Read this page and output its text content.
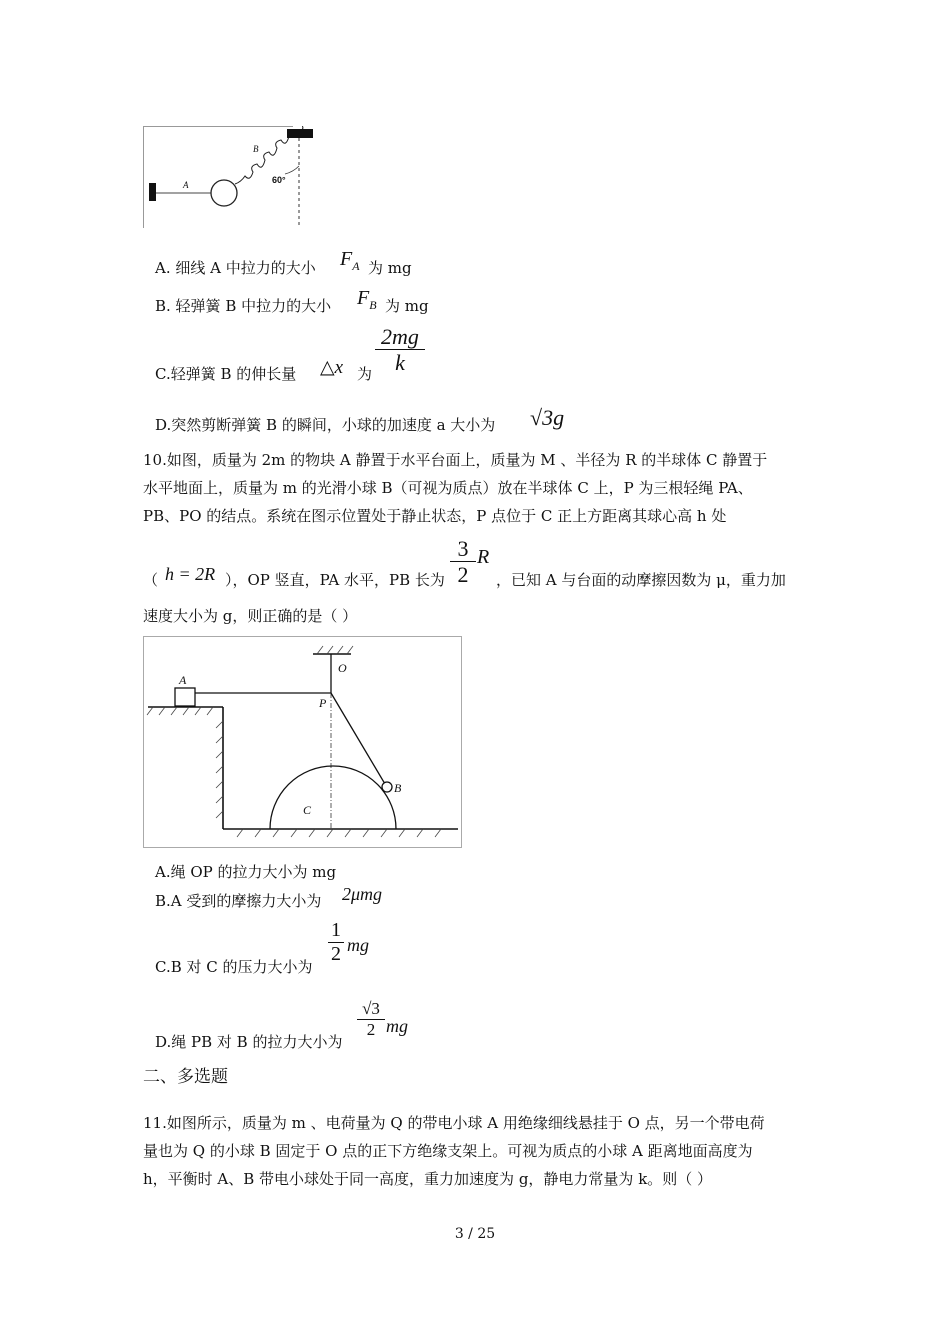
A
B
60°
A. 细线 A 中拉力的大小 $F_A$ 为 mg
B. 轻弹簧 B 中拉力的大小 $F_B$ 为 mg
C.轻弹簧 B 的伸长量 △x 为
2mg
k
D.突然剪断弹簧 B 的瞬间，小球的加速度 a 大小为 √3g
10.如图，质量为 2m 的物块 A 静置于水平台面上，质量为 M 、半径为 R 的半球体 C 静置于
水平地面上，质量为 m 的光滑小球 B（可视为质点）放在半球体 C 上，P 为三根轻绳 PA、
PB、PO 的结点。系统在图示位置处于静止状态，P 点位于 C 正上方距离其球心高 h 处
（ h = 2R ），OP 竖直，PA 水平，PB 长为
3
2
R
，已知 A 与台面的动摩擦因数为 μ，重力加
速度大小为 g，则正确的是（ ）
A
O
P
B
C
A.绳 OP 的拉力大小为 mg
B.A 受到的摩擦力大小为 2μmg
C.B 对 C 的压力大小为
1
2 mg
D.绳 PB 对 B 的拉力大小为
√3
2 mg
二、多选题
11.如图所示，质量为 m 、电荷量为 Q 的带电小球 A 用绝缘细线悬挂于 O 点，另一个带电荷
量也为 Q 的小球 B 固定于 O 点的正下方绝缘支架上。可视为质点的小球 A 距离地面高度为
h，平衡时 A、B 带电小球处于同一高度，重力加速度为 g，静电力常量为 k。则（ ）
3 / 25
